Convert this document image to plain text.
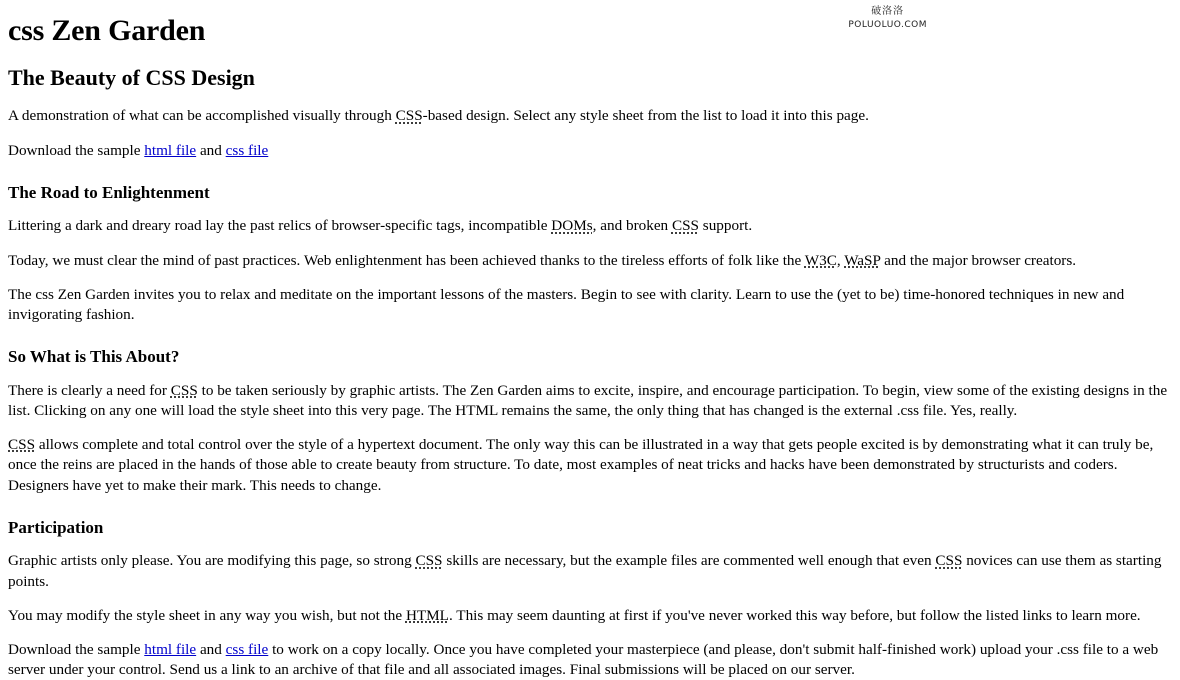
破洛洛
POLUOLUO.COM
css Zen Garden
The Beauty of CSS Design

A demonstration of what can be accomplished visually through CSS-based design. Select any style sheet from the list to load it into this page.

Download the sample html file and css file

The Road to Enlightenment

Littering a dark and dreary road lay the past relics of browser-specific tags, incompatible DOMs, and broken CSS support.

Today, we must clear the mind of past practices. Web enlightenment has been achieved thanks to the tireless efforts of folk like the W3C, WaSP and the major browser creators.

The css Zen Garden invites you to relax and meditate on the important lessons of the masters. Begin to see with clarity. Learn to use the (yet to be) time-honored techniques in new and invigorating fashion.

So What is This About?

There is clearly a need for CSS to be taken seriously by graphic artists. The Zen Garden aims to excite, inspire, and encourage participation. To begin, view some of the existing designs in the list. Clicking on any one will load the style sheet into this very page. The HTML remains the same, the only thing that has changed is the external .css file. Yes, really.

CSS allows complete and total control over the style of a hypertext document. The only way this can be illustrated in a way that gets people excited is by demonstrating what it can truly be, once the reins are placed in the hands of those able to create beauty from structure. To date, most examples of neat tricks and hacks have been demonstrated by structurists and coders. Designers have yet to make their mark. This needs to change.

Participation

Graphic artists only please. You are modifying this page, so strong CSS skills are necessary, but the example files are commented well enough that even CSS novices can use them as starting points.

You may modify the style sheet in any way you wish, but not the HTML. This may seem daunting at first if you've never worked this way before, but follow the listed links to learn more.

Download the sample html file and css file to work on a copy locally. Once you have completed your masterpiece (and please, don't submit half-finished work) upload your .css file to a web server under your control. Send us a link to an archive of that file and all associated images. Final submissions will be placed on our server.
